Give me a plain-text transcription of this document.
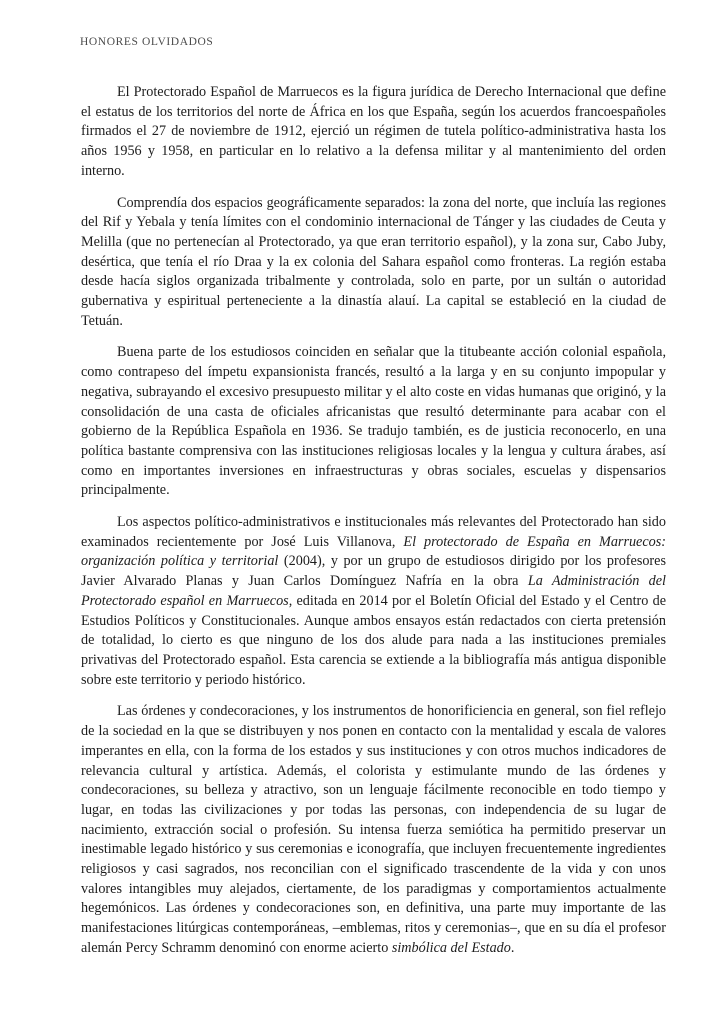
HONORES OLVIDADOS

El Protectorado Español de Marruecos es la figura jurídica de Derecho Internacional que define el estatus de los territorios del norte de África en los que España, según los acuerdos francoespañoles firmados el 27 de noviembre de 1912, ejerció un régimen de tutela político-administrativa hasta los años 1956 y 1958, en particular en lo relativo a la defensa militar y al mantenimiento del orden interno.

Comprendía dos espacios geográficamente separados: la zona del norte, que incluía las regiones del Rif y Yebala y tenía límites con el condominio internacional de Tánger y las ciudades de Ceuta y Melilla (que no pertenecían al Protectorado, ya que eran territorio español), y la zona sur, Cabo Juby, desértica, que tenía el río Draa y la ex colonia del Sahara español como fronteras. La región estaba desde hacía siglos organizada tribalmente y controlada, solo en parte, por un sultán o autoridad gubernativa y espiritual perteneciente a la dinastía alauí. La capital se estableció en la ciudad de Tetuán.

Buena parte de los estudiosos coinciden en señalar que la titubeante acción colonial española, como contrapeso del ímpetu expansionista francés, resultó a la larga y en su conjunto impopular y negativa, subrayando el excesivo presupuesto militar y el alto coste en vidas humanas que originó, y la consolidación de una casta de oficiales africanistas que resultó determinante para acabar con el gobierno de la República Española en 1936. Se tradujo también, es de justicia reconocerlo, en una política bastante comprensiva con las instituciones religiosas locales y la lengua y cultura árabes, así como en importantes inversiones en infraestructuras y obras sociales, escuelas y dispensarios principalmente.

Los aspectos político-administrativos e institucionales más relevantes del Protectorado han sido examinados recientemente por José Luis Villanova, El protectorado de España en Marruecos: organización política y territorial (2004), y por un grupo de estudiosos dirigido por los profesores Javier Alvarado Planas y Juan Carlos Domínguez Nafría en la obra La Administración del Protectorado español en Marruecos, editada en 2014 por el Boletín Oficial del Estado y el Centro de Estudios Políticos y Constitucionales. Aunque ambos ensayos están redactados con cierta pretensión de totalidad, lo cierto es que ninguno de los dos alude para nada a las instituciones premiales privativas del Protectorado español. Esta carencia se extiende a la bibliografía más antigua disponible sobre este territorio y periodo histórico.

Las órdenes y condecoraciones, y los instrumentos de honorificiencia en general, son fiel reflejo de la sociedad en la que se distribuyen y nos ponen en contacto con la mentalidad y escala de valores imperantes en ella, con la forma de los estados y sus instituciones y con otros muchos indicadores de relevancia cultural y artística. Además, el colorista y estimulante mundo de las órdenes y condecoraciones, su belleza y atractivo, son un lenguaje fácilmente reconocible en todo tiempo y lugar, en todas las civilizaciones y por todas las personas, con independencia de su lugar de nacimiento, extracción social o profesión. Su intensa fuerza semiótica ha permitido preservar un inestimable legado histórico y sus ceremonias e iconografía, que incluyen frecuentemente ingredientes religiosos y casi sagrados, nos reconcilian con el significado trascendente de la vida y con unos valores intangibles muy alejados, ciertamente, de los paradigmas y comportamientos actualmente hegemónicos. Las órdenes y condecoraciones son, en definitiva, una parte muy importante de las manifestaciones litúrgicas contemporáneas, –emblemas, ritos y ceremonias–, que en su día el profesor alemán Percy Schramm denominó con enorme acierto simbólica del Estado.
